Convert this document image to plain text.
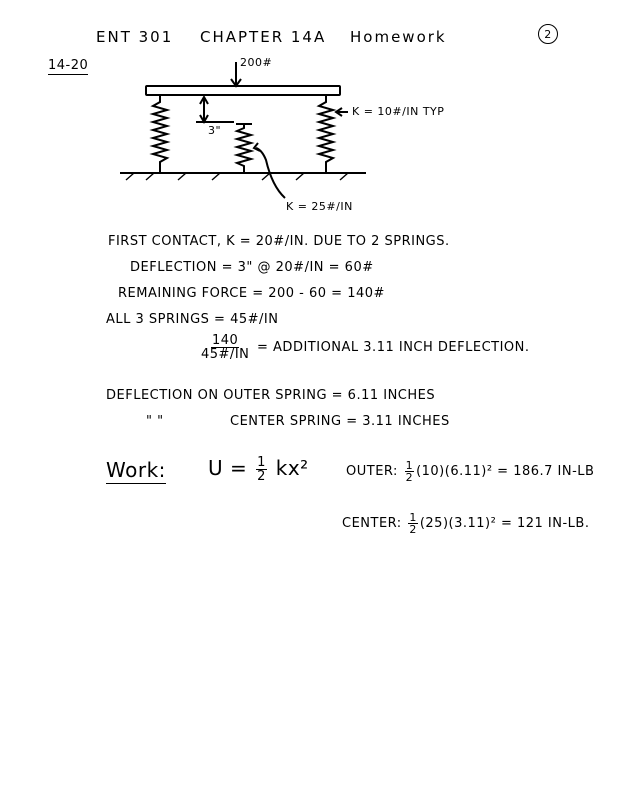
ENT 301 CHAPTER 14A Homework	2
14-20	200#
3"
K = 10#/IN TYP
K = 25#/IN
FIRST CONTACT, K = 20#/IN. DUE TO 2 SPRINGS.
DEFLECTION = 3" @ 20#/IN = 60#
REMAINING FORCE = 200 - 60 = 140#
ALL 3 SPRINGS = 45#/IN
$\frac{140}{45\#/IN}$ = ADDITIONAL 3.11 INCH DEFLECTION.
DEFLECTION ON OUTER SPRING = 6.11 INCHES
" "	CENTER SPRING = 3.11 INCHES
Work: $U = \frac{1}{2} kx^2$	OUTER: $\frac{1}{2} (10)(6.11)^2 = 186.7$ IN-LB
CENTER: $\frac{1}{2} (25)(3.11)^2 = 121$ IN-LB.
